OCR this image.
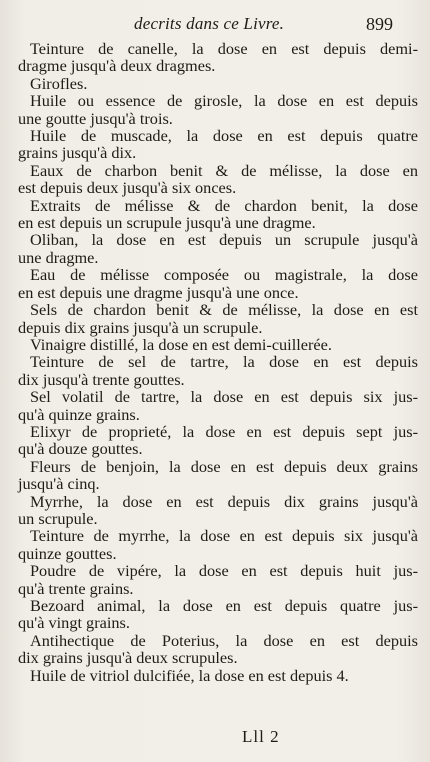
decrits dans ce Livre.	899
Teinture de canelle, la dose en est depuis demi-
dragme jusqu'à deux dragmes.
Girofles.
Huile ou essence de girosle, la dose en est depuis
une goutte jusqu'à trois.
Huile de muscade, la dose en est depuis quatre
grains jusqu'à dix.
Eaux de charbon benit & de mélisse, la dose en
est depuis deux jusqu'à six onces.
Extraits de mélisse & de chardon benit, la dose
en est depuis un scrupule jusqu'à une dragme.
Oliban, la dose en est depuis un scrupule jusqu'à
une dragme.
Eau de mélisse composée ou magistrale, la dose
en est depuis une dragme jusqu'à une once.
Sels de chardon benit & de mélisse, la dose en est
depuis dix grains jusqu'à un scrupule.
Vinaigre distillé, la dose en est demi-cuillerée.
Teinture de sel de tartre, la dose en est depuis
dix jusqu'à trente gouttes.
Sel volatil de tartre, la dose en est depuis six jus-
qu'à quinze grains.
Elixyr de proprieté, la dose en est depuis sept jus-
qu'à douze gouttes.
Fleurs de benjoin, la dose en est depuis deux grains
jusqu'à cinq.
Myrrhe, la dose en est depuis dix grains jusqu'à
un scrupule.
Teinture de myrrhe, la dose en est depuis six jusqu'à
quinze gouttes.
Poudre de vipére, la dose en est depuis huit jus-
qu'à trente grains.
Bezoard animal, la dose en est depuis quatre jus-
qu'à vingt grains.
Antihectique de Poterius, la dose en est depuis
dix grains jusqu'à deux scrupules.
Huile de vitriol dulcifiée, la dose en est depuis 4.
Lll 2
